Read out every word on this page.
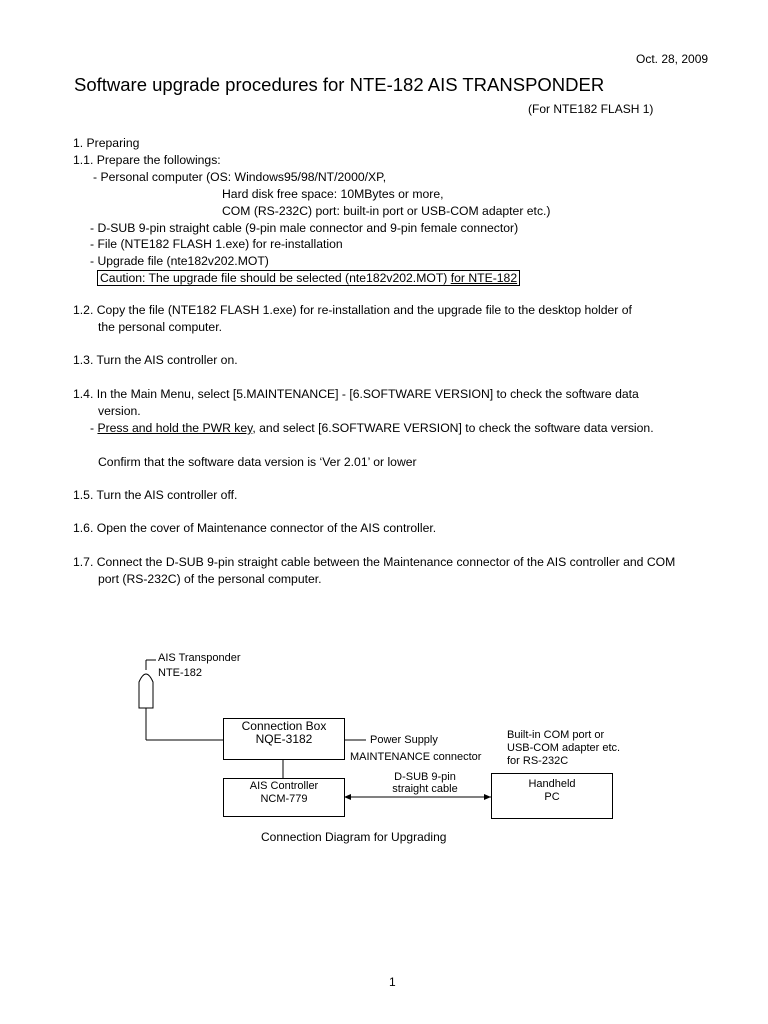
Oct. 28, 2009
Software upgrade procedures for NTE-182 AIS TRANSPONDER
(For NTE182 FLASH 1)
1. Preparing
1.1. Prepare the followings:
- Personal computer (OS: Windows95/98/NT/2000/XP,
Hard disk free space: 10MBytes or more,
COM (RS-232C) port: built-in port or USB-COM adapter etc.)
- D-SUB 9-pin straight cable (9-pin male connector and 9-pin female connector)
- File (NTE182 FLASH 1.exe) for re-installation
- Upgrade file (nte182v202.MOT)
Caution: The upgrade file should be selected (nte182v202.MOT) for NTE-182
1.2. Copy the file (NTE182 FLASH 1.exe) for re-installation and the upgrade file to the desktop holder of
the personal computer.
1.3. Turn the AIS controller on.
1.4. In the Main Menu, select [5.MAINTENANCE] - [6.SOFTWARE VERSION] to check the software data
version.
- Press and hold the PWR key, and select [6.SOFTWARE VERSION] to check the software data version.
Confirm that the software data version is ‘Ver 2.01’ or lower
1.5. Turn the AIS controller off.
1.6. Open the cover of Maintenance connector of the AIS controller.
1.7. Connect the D-SUB 9-pin straight cable between the Maintenance connector of the AIS controller and COM
port (RS-232C) of the personal computer.
AIS Transponder
NTE-182
Connection Box
NQE-3182	Power Supply
MAINTENANCE connector
AIS Controller
NCM-779
D-SUB 9-pin
straight cable
Built-in COM port or
USB-COM adapter etc.
for RS-232C
Handheld
PC
Connection Diagram for Upgrading
1
